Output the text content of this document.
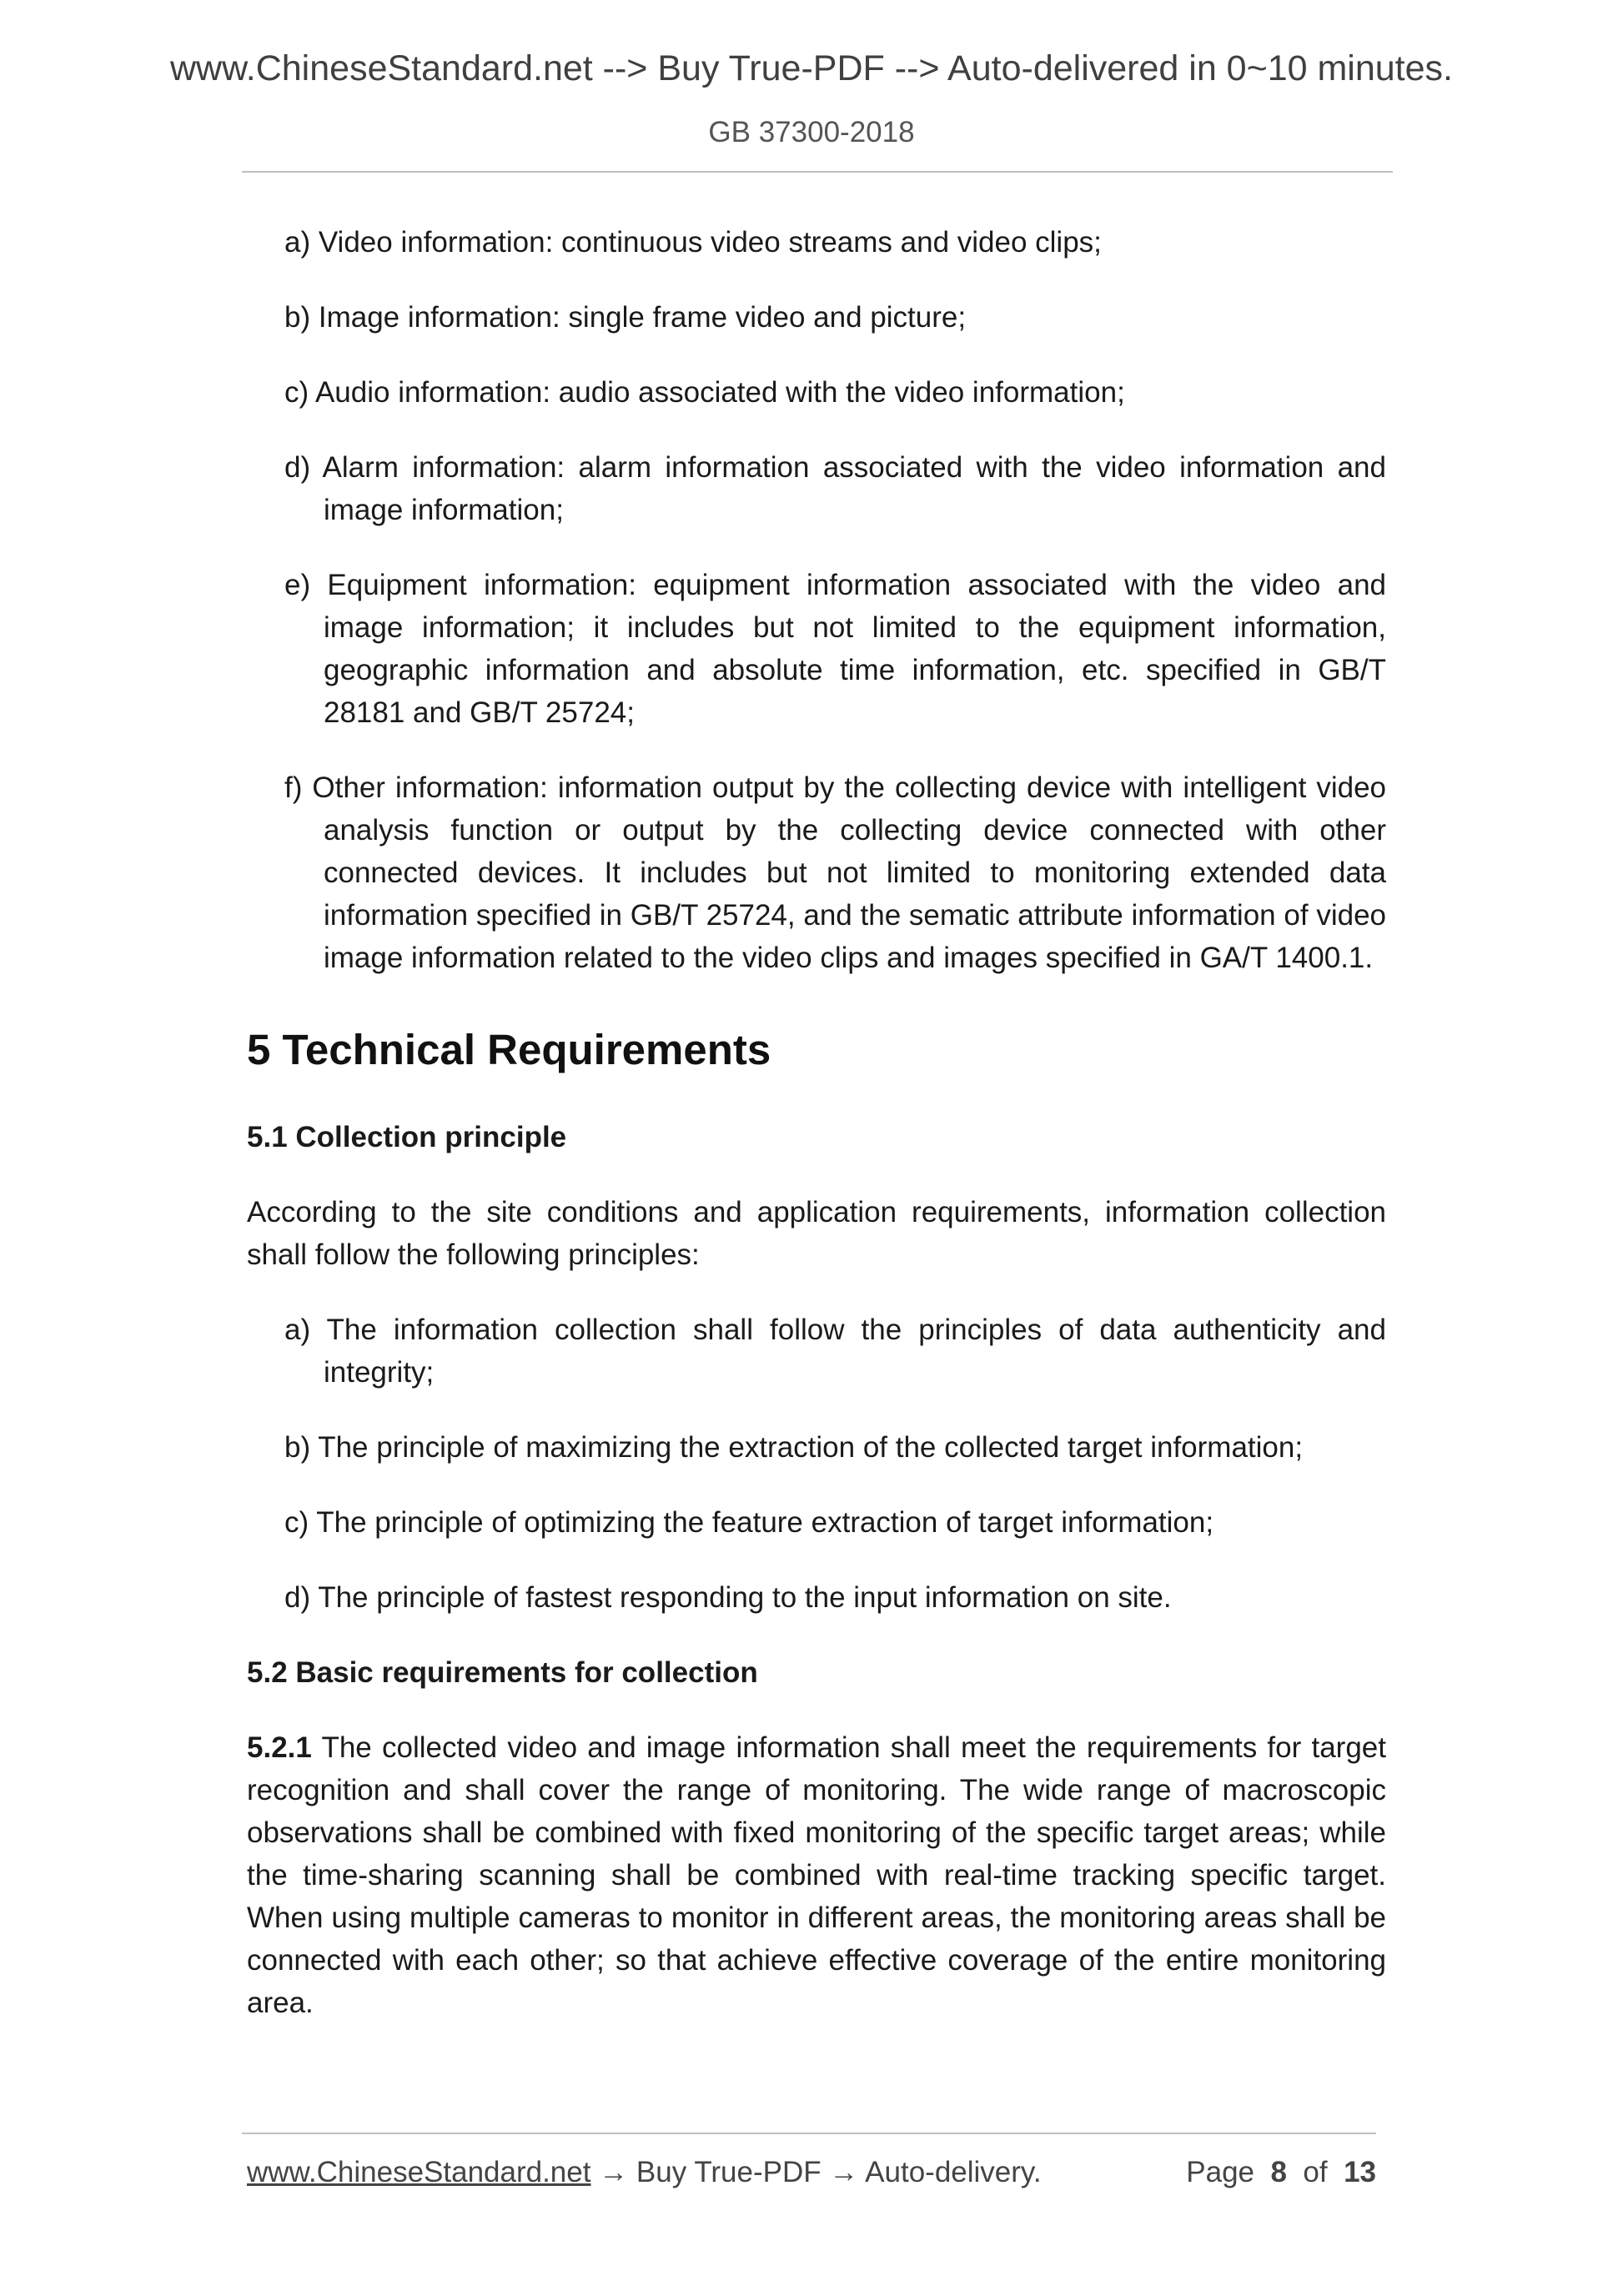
www.ChineseStandard.net --> Buy True-PDF --> Auto-delivered in 0~10 minutes.
GB 37300-2018

a) Video information: continuous video streams and video clips;

b) Image information: single frame video and picture;

c) Audio information: audio associated with the video information;

d) Alarm information: alarm information associated with the video information and image information;

e) Equipment information: equipment information associated with the video and image information; it includes but not limited to the equipment information, geographic information and absolute time information, etc. specified in GB/T 28181 and GB/T 25724;

f) Other information: information output by the collecting device with intelligent video analysis function or output by the collecting device connected with other connected devices. It includes but not limited to monitoring extended data information specified in GB/T 25724, and the sematic attribute information of video image information related to the video clips and images specified in GA/T 1400.1.

5 Technical Requirements
5.1 Collection principle

According to the site conditions and application requirements, information collection shall follow the following principles:

a) The information collection shall follow the principles of data authenticity and integrity;

b) The principle of maximizing the extraction of the collected target information;

c) The principle of optimizing the feature extraction of target information;

d) The principle of fastest responding to the input information on site.

5.2 Basic requirements for collection

5.2.1 The collected video and image information shall meet the requirements for target recognition and shall cover the range of monitoring. The wide range of macroscopic observations shall be combined with fixed monitoring of the specific target areas; while the time-sharing scanning shall be combined with real-time tracking specific target. When using multiple cameras to monitor in different areas, the monitoring areas shall be connected with each other; so that achieve effective coverage of the entire monitoring area.

www.ChineseStandard.net → Buy True-PDF → Auto-delivery.	Page 8 of 13
